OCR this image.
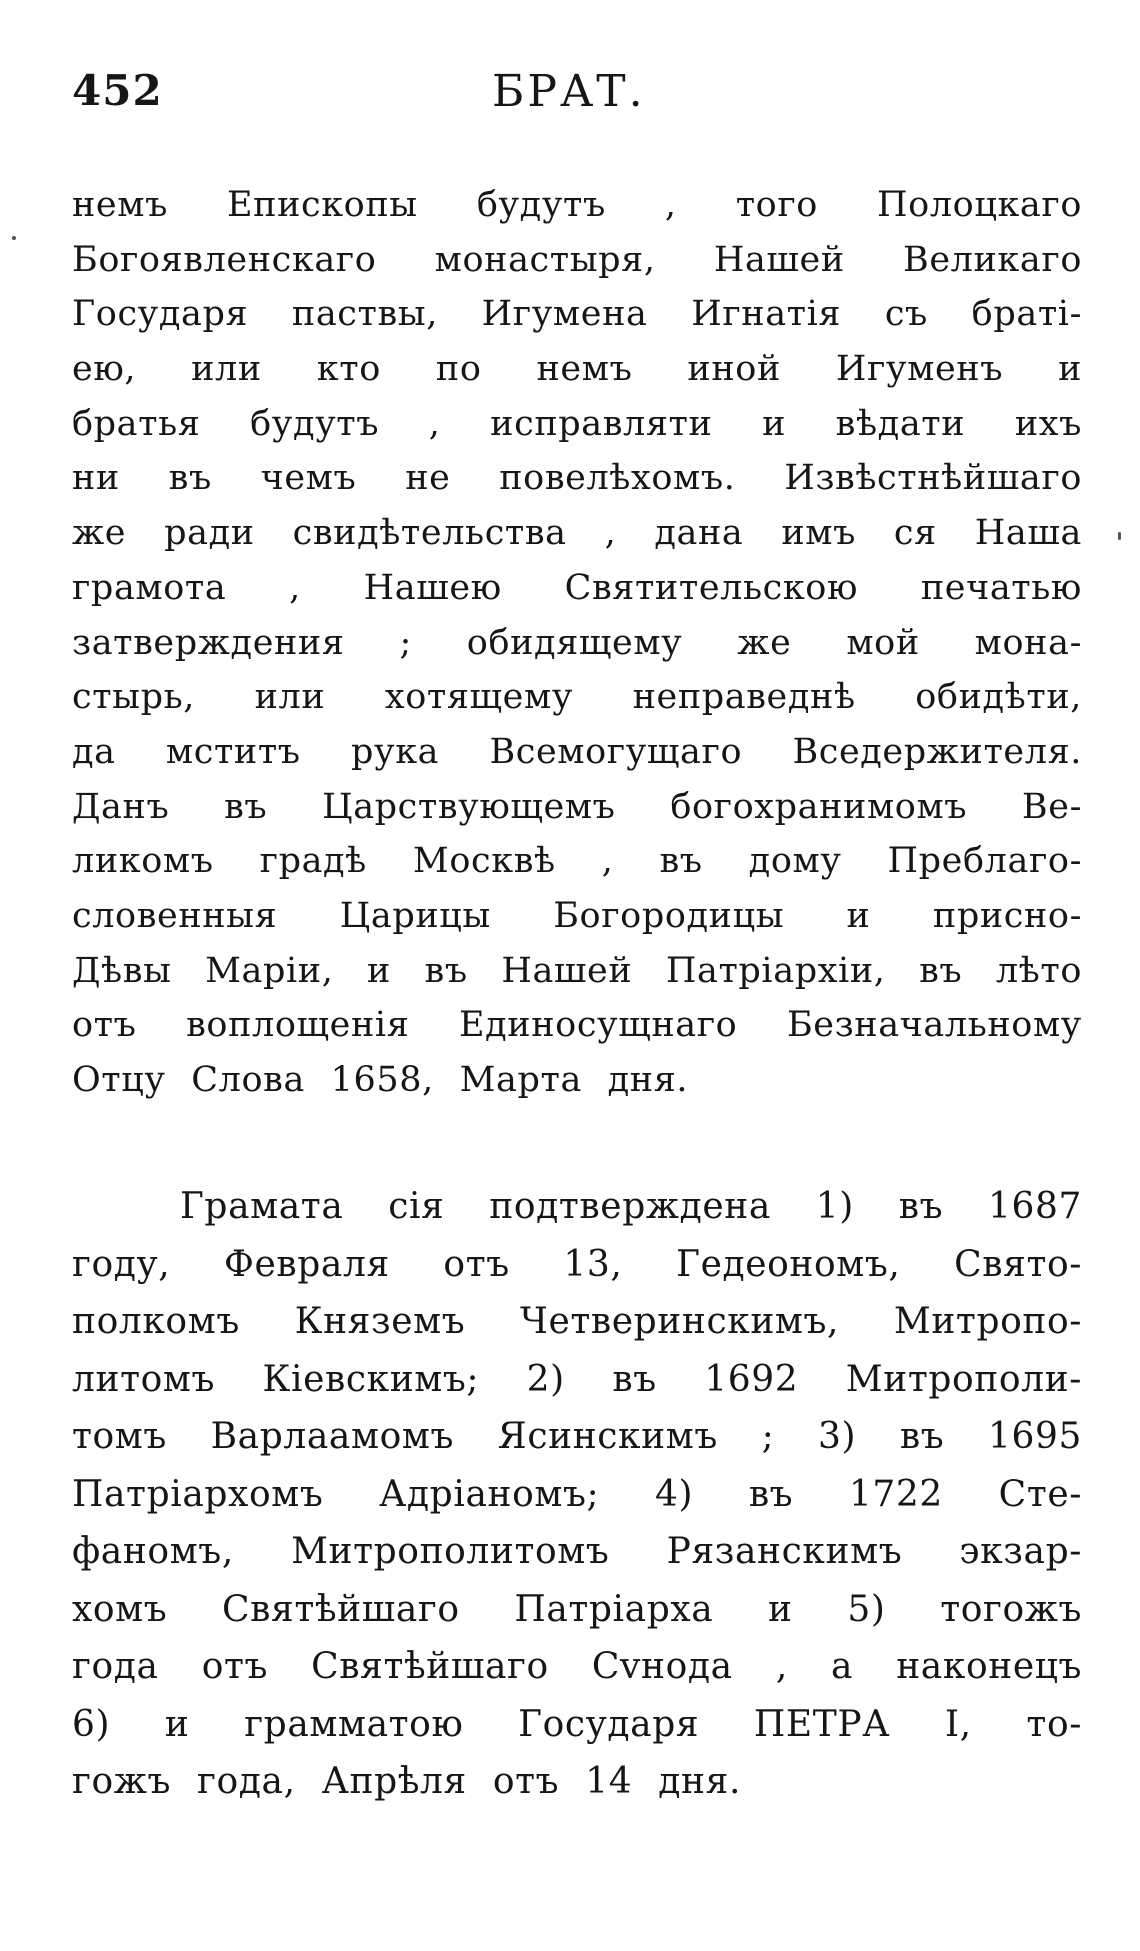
452	БРАТ.
немъ Епископы будутъ , тогo Полоцкаго
Богоявленскаго монастыря, Нашей Великаго
Государя паствы, Игумена Игнатія съ братi-
ею, или кто по немъ иной Игуменъ и
братья будутъ , исправляти и вѣдати ихъ
ни въ чемъ не повелѣхомъ. Извѣстнѣйшаго
же ради свидѣтельства , дана имъ ся Наша
грамота , Нашею Святительскою печатью
затверждения ; обидящему же мой мона-
стырь, или хотящему неправеднѣ обидѣти,
да мститъ рука Всемогущаго Вседержителя.
Данъ въ Царствующемъ богохранимомъ Ве-
ликомъ градѣ Москвѣ , въ дому Преблаго-
словенныя Царицы Богородицы и присно-
Дѣвы Марiи, и въ Нашей Патрiархiи, въ лѣто
отъ воплощенiя Единосущнаго Безначальному
Отцу Слова 1658, Марта дня.
Грамата сiя подтверждена 1) въ 1687
году, Февраля отъ 13, Гедеономъ, Свято-
полкомъ Княземъ Четверинскимъ, Митропо-
литомъ Кiевскимъ; 2) въ 1692 Митрополи-
томъ Варлаамомъ Ясинскимъ ; 3) въ 1695
Патрiархомъ Адрiаномъ; 4) въ 1722 Сте-
фаномъ, Митрополитомъ Рязанскимъ экзар-
хомъ Святѣйшаго Патрiарха и 5) тогожъ
года отъ Святѣйшаго Сvнода , а наконецъ
6) и грамматою Государя ПЕТРА I, то-
гожъ года, Апрѣля отъ 14 дня.
